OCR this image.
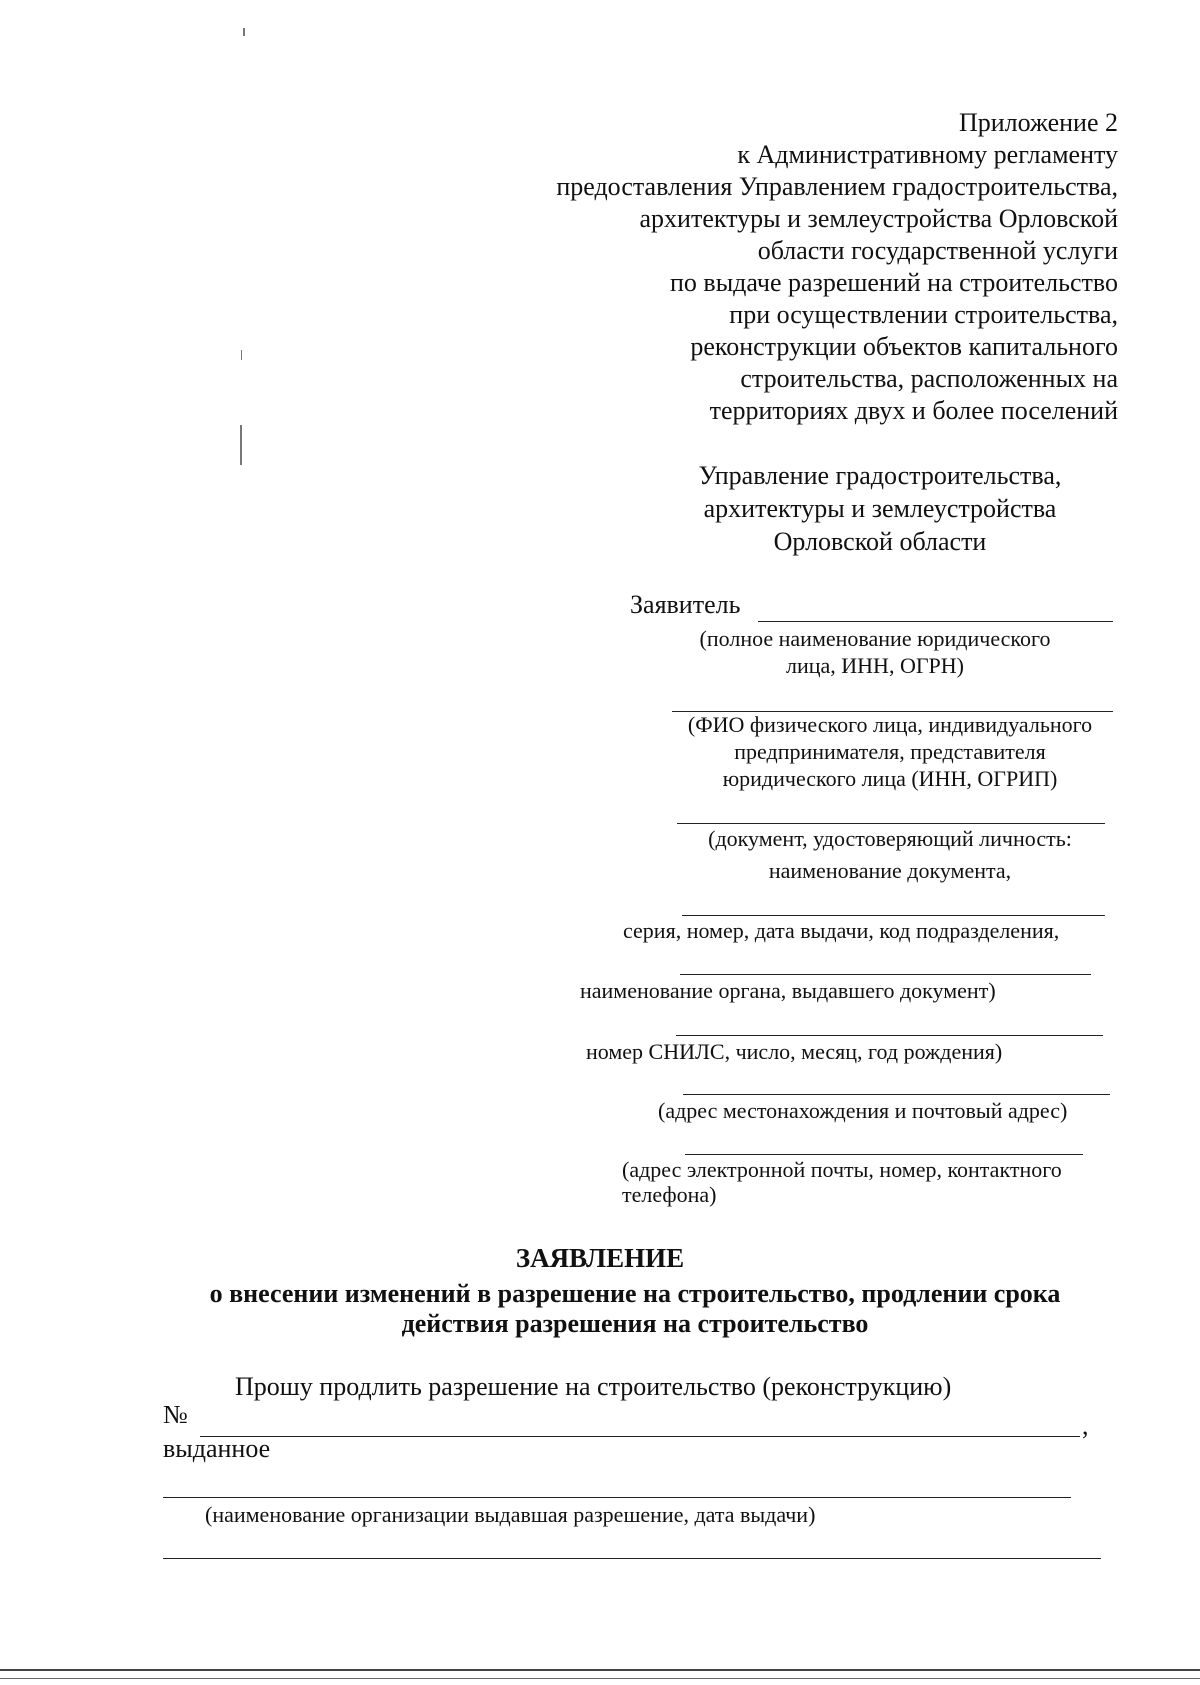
Приложение 2
к Административному регламенту
предоставления Управлением градостроительства,
архитектуры и землеустройства Орловской
области государственной услуги
по выдаче разрешений на строительство
при осуществлении строительства,
реконструкции объектов капитального
строительства, расположенных на
территориях двух и более поселений
Управление градостроительства,
архитектуры и землеустройства
Орловской области
Заявитель
(полное наименование юридического
лица, ИНН, ОГРН)
(ФИО физического лица, индивидуального
предпринимателя, представителя
юридического лица (ИНН, ОГРИП)
(документ, удостоверяющий личность:
наименование документа,
серия, номер, дата выдачи, код подразделения,
наименование органа, выдавшего документ)
номер СНИЛС, число, месяц, год рождения)
(адрес местонахождения и почтовый адрес)
(адрес электронной почты, номер, контактного
телефона)
ЗАЯВЛЕНИЕ
о внесении изменений в разрешение на строительство, продлении срока
действия разрешения на строительство
Прошу продлить разрешение на строительство (реконструкцию)
№	,
выданное
(наименование организации выдавшая разрешение, дата выдачи)
